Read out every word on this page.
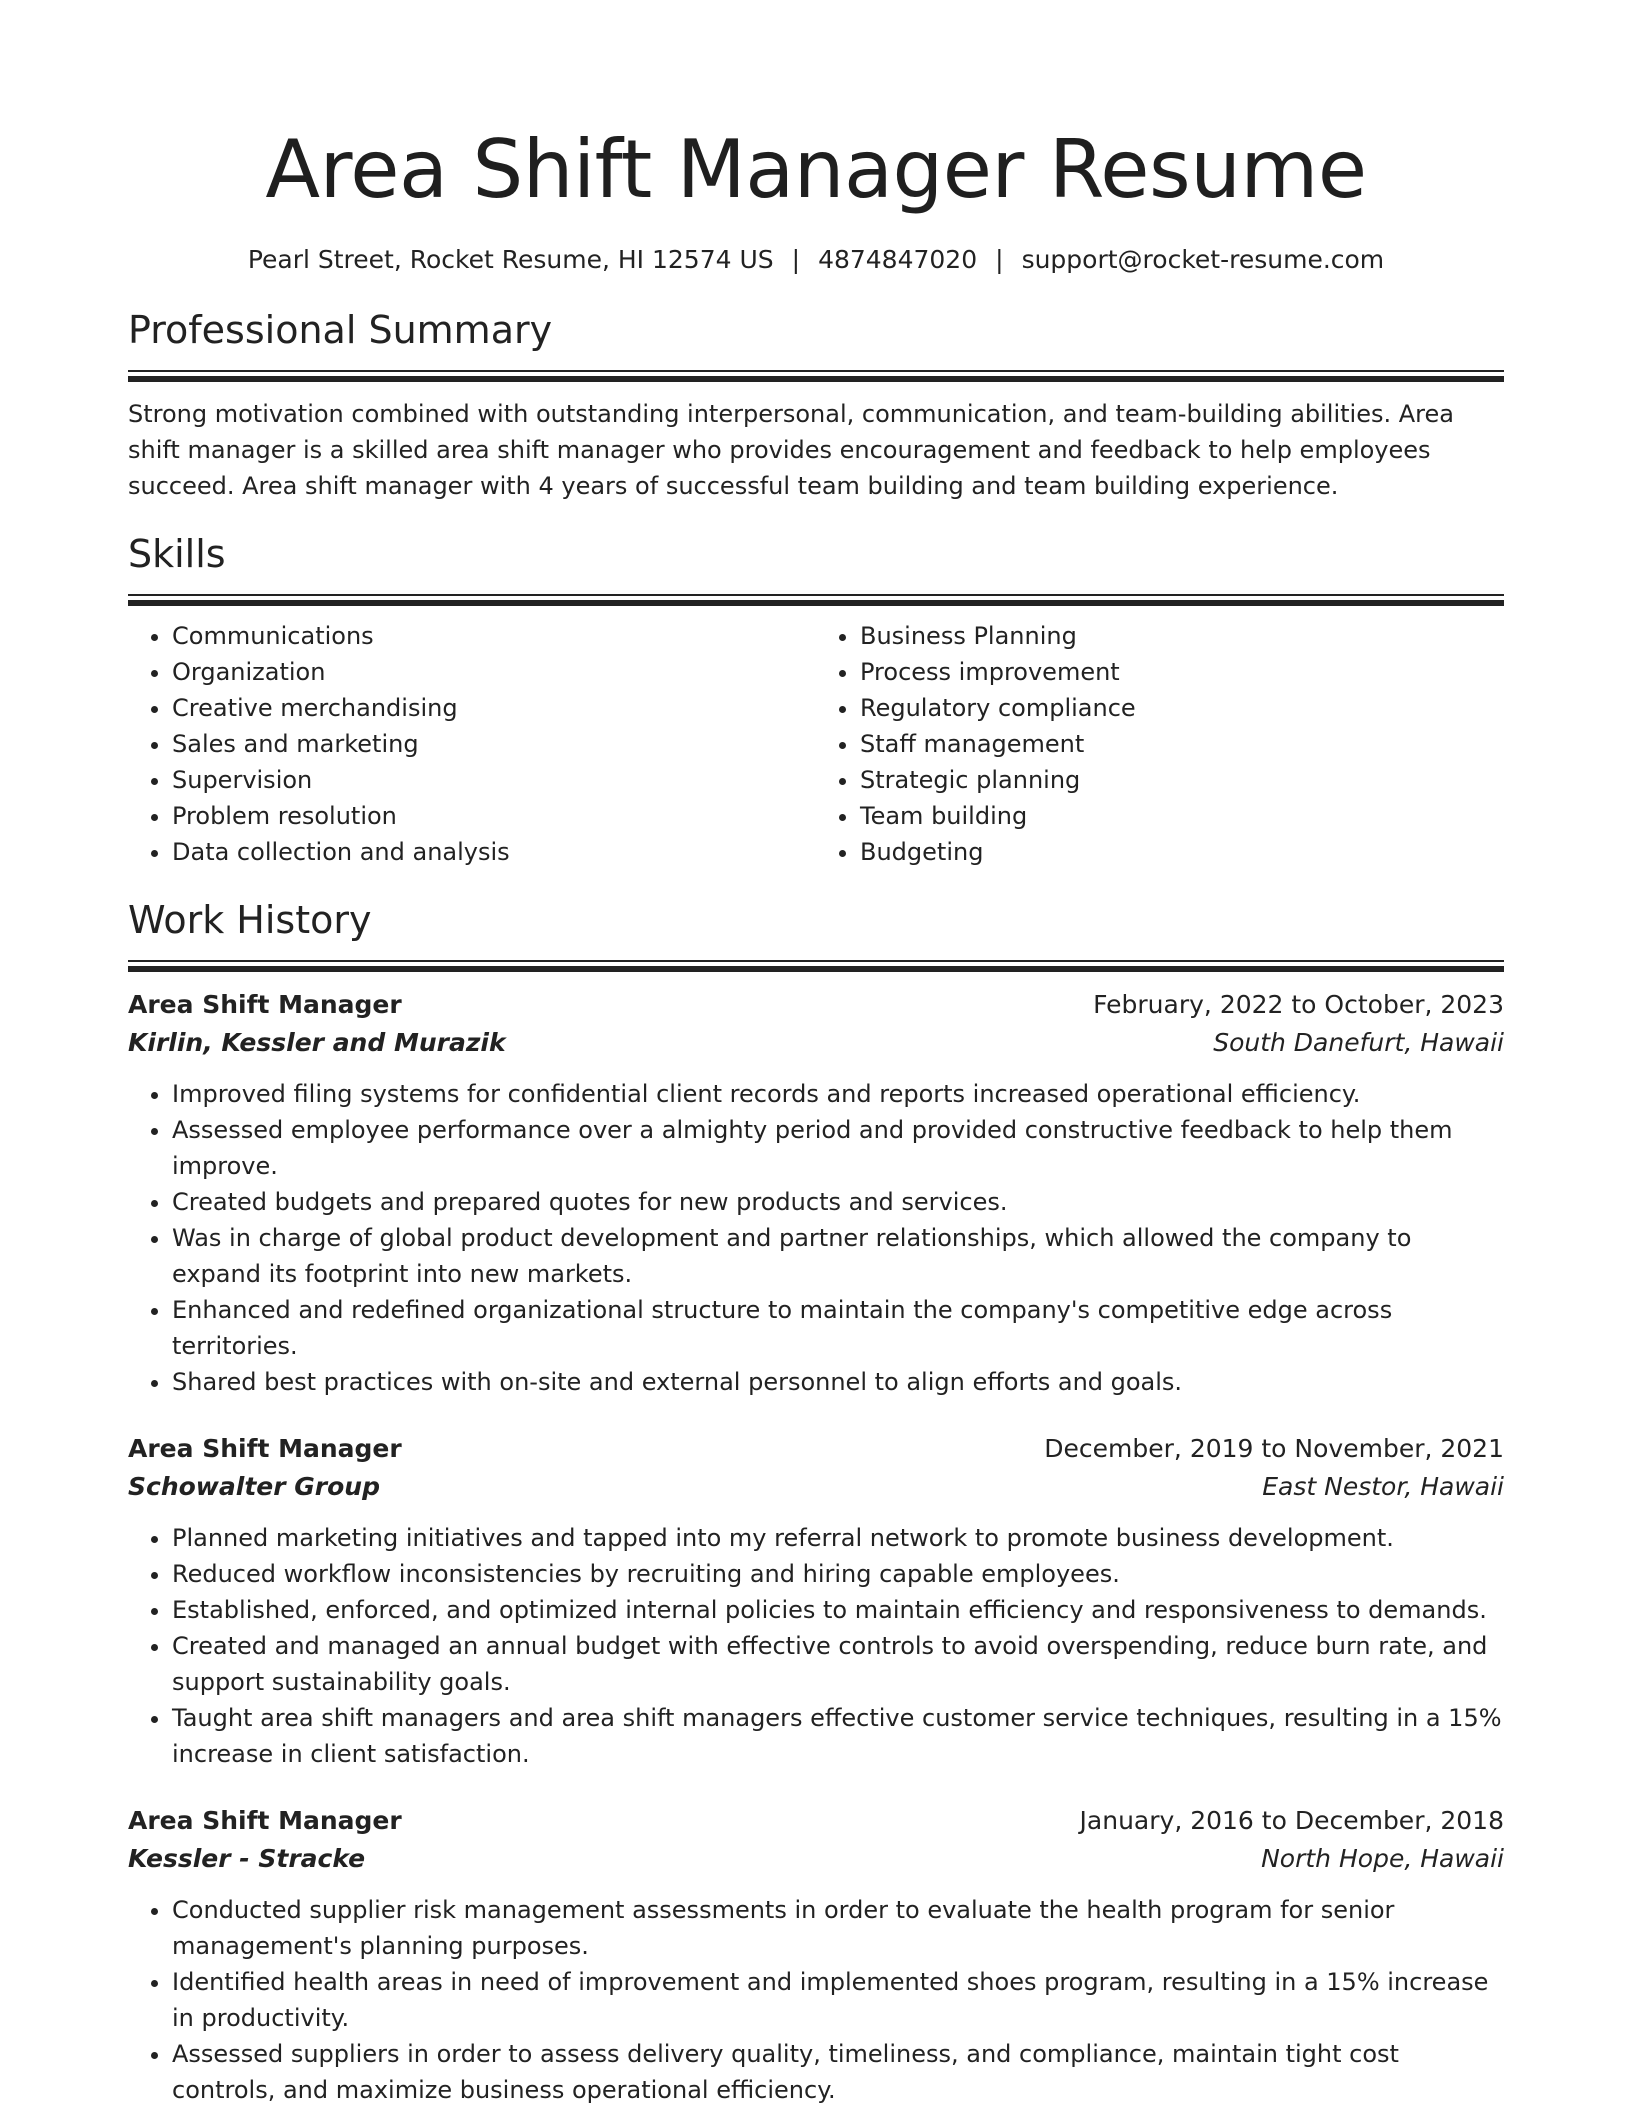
Area Shift Manager Resume
Pearl Street, Rocket Resume, HI 12574 US | 4874847020 | support@rocket-resume.com
Professional Summary

Strong motivation combined with outstanding interpersonal, communication, and team-building abilities. Area shift manager is a skilled area shift manager who provides encouragement and feedback to help employees succeed. Area shift manager with 4 years of successful team building and team building experience.

Skills
• Communications
• Organization
• Creative merchandising
• Sales and marketing
• Supervision
• Problem resolution
• Data collection and analysis
• Business Planning
• Process improvement
• Regulatory compliance
• Staff management
• Strategic planning
• Team building
• Budgeting
Work History
Area Shift Manager	February, 2022 to October, 2023
Kirlin, Kessler and Murazik	South Danefurt, Hawaii
• Improved filing systems for confidential client records and reports increased operational efficiency.
• Assessed employee performance over a almighty period and provided constructive feedback to help them improve.
• Created budgets and prepared quotes for new products and services.
• Was in charge of global product development and partner relationships, which allowed the company to expand its footprint into new markets.
• Enhanced and redefined organizational structure to maintain the company's competitive edge across territories.
• Shared best practices with on-site and external personnel to align efforts and goals.
Area Shift Manager	December, 2019 to November, 2021
Schowalter Group	East Nestor, Hawaii
• Planned marketing initiatives and tapped into my referral network to promote business development.
• Reduced workflow inconsistencies by recruiting and hiring capable employees.
• Established, enforced, and optimized internal policies to maintain efficiency and responsiveness to demands.
• Created and managed an annual budget with effective controls to avoid overspending, reduce burn rate, and support sustainability goals.
• Taught area shift managers and area shift managers effective customer service techniques, resulting in a 15% increase in client satisfaction.
Area Shift Manager	January, 2016 to December, 2018
Kessler - Stracke	North Hope, Hawaii
• Conducted supplier risk management assessments in order to evaluate the health program for senior management's planning purposes.
• Identified health areas in need of improvement and implemented shoes program, resulting in a 15% increase in productivity.
• Assessed suppliers in order to assess delivery quality, timeliness, and compliance, maintain tight cost controls, and maximize business operational efficiency.
